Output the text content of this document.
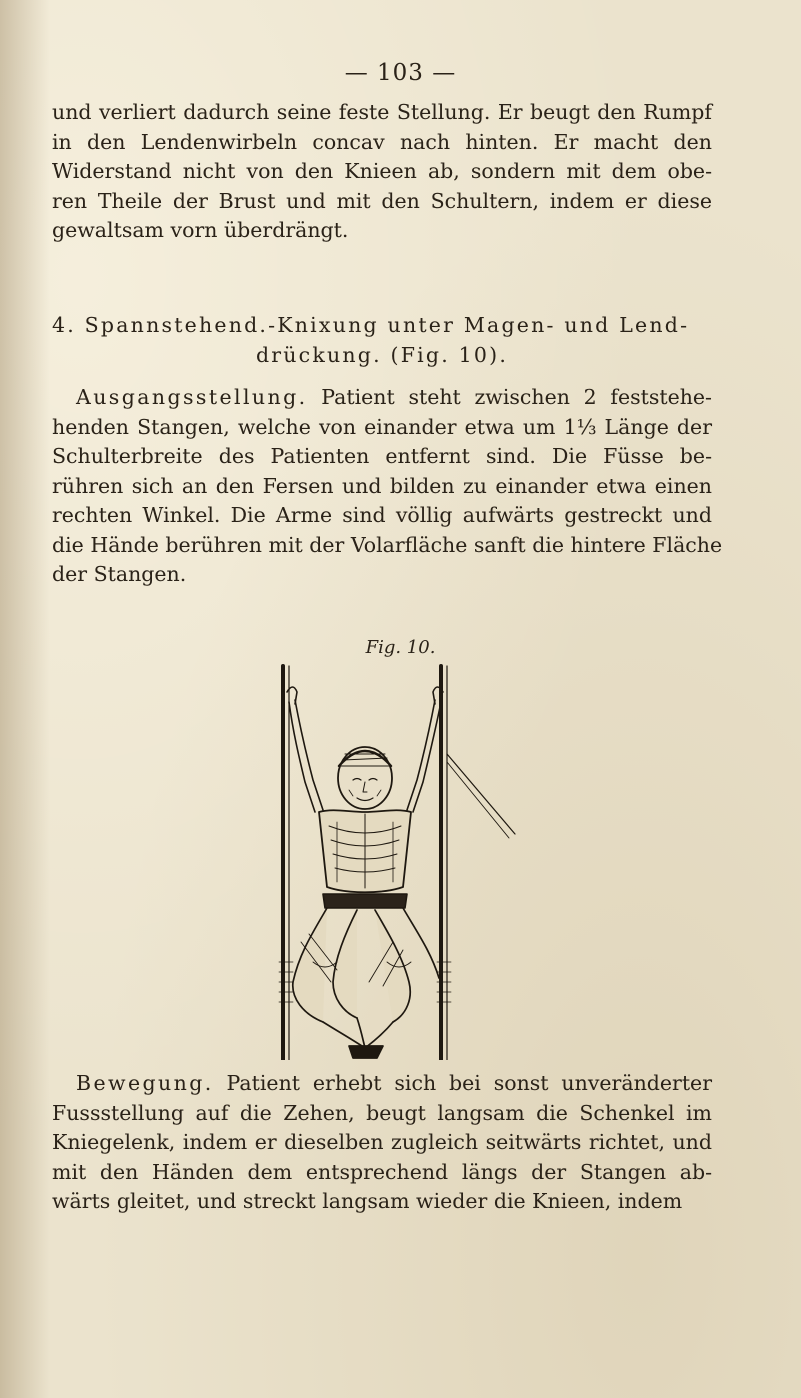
— 103 —
und verliert dadurch seine feste Stellung. Er beugt den Rumpf
in den Lendenwirbeln concav nach hinten. Er macht den
Widerstand nicht von den Knieen ab, sondern mit dem obe-
ren Theile der Brust und mit den Schultern, indem er diese
gewaltsam vorn überdrängt.
4. Spannstehend.-Knixung unter Magen- und Lend-
drückung. (Fig. 10).
Ausgangsstellung. Patient steht zwischen 2 feststehe-
henden Stangen, welche von einander etwa um 1⅓ Länge der
Schulterbreite des Patienten entfernt sind. Die Füsse be-
rühren sich an den Fersen und bilden zu einander etwa einen
rechten Winkel. Die Arme sind völlig aufwärts gestreckt und
die Hände berühren mit der Volarfläche sanft die hintere Fläche
der Stangen.
Fig. 10.
Bewegung. Patient erhebt sich bei sonst unveränderter
Fussstellung auf die Zehen, beugt langsam die Schenkel im
Kniegelenk, indem er dieselben zugleich seitwärts richtet, und
mit den Händen dem entsprechend längs der Stangen ab-
wärts gleitet, und streckt langsam wieder die Knieen, indem
